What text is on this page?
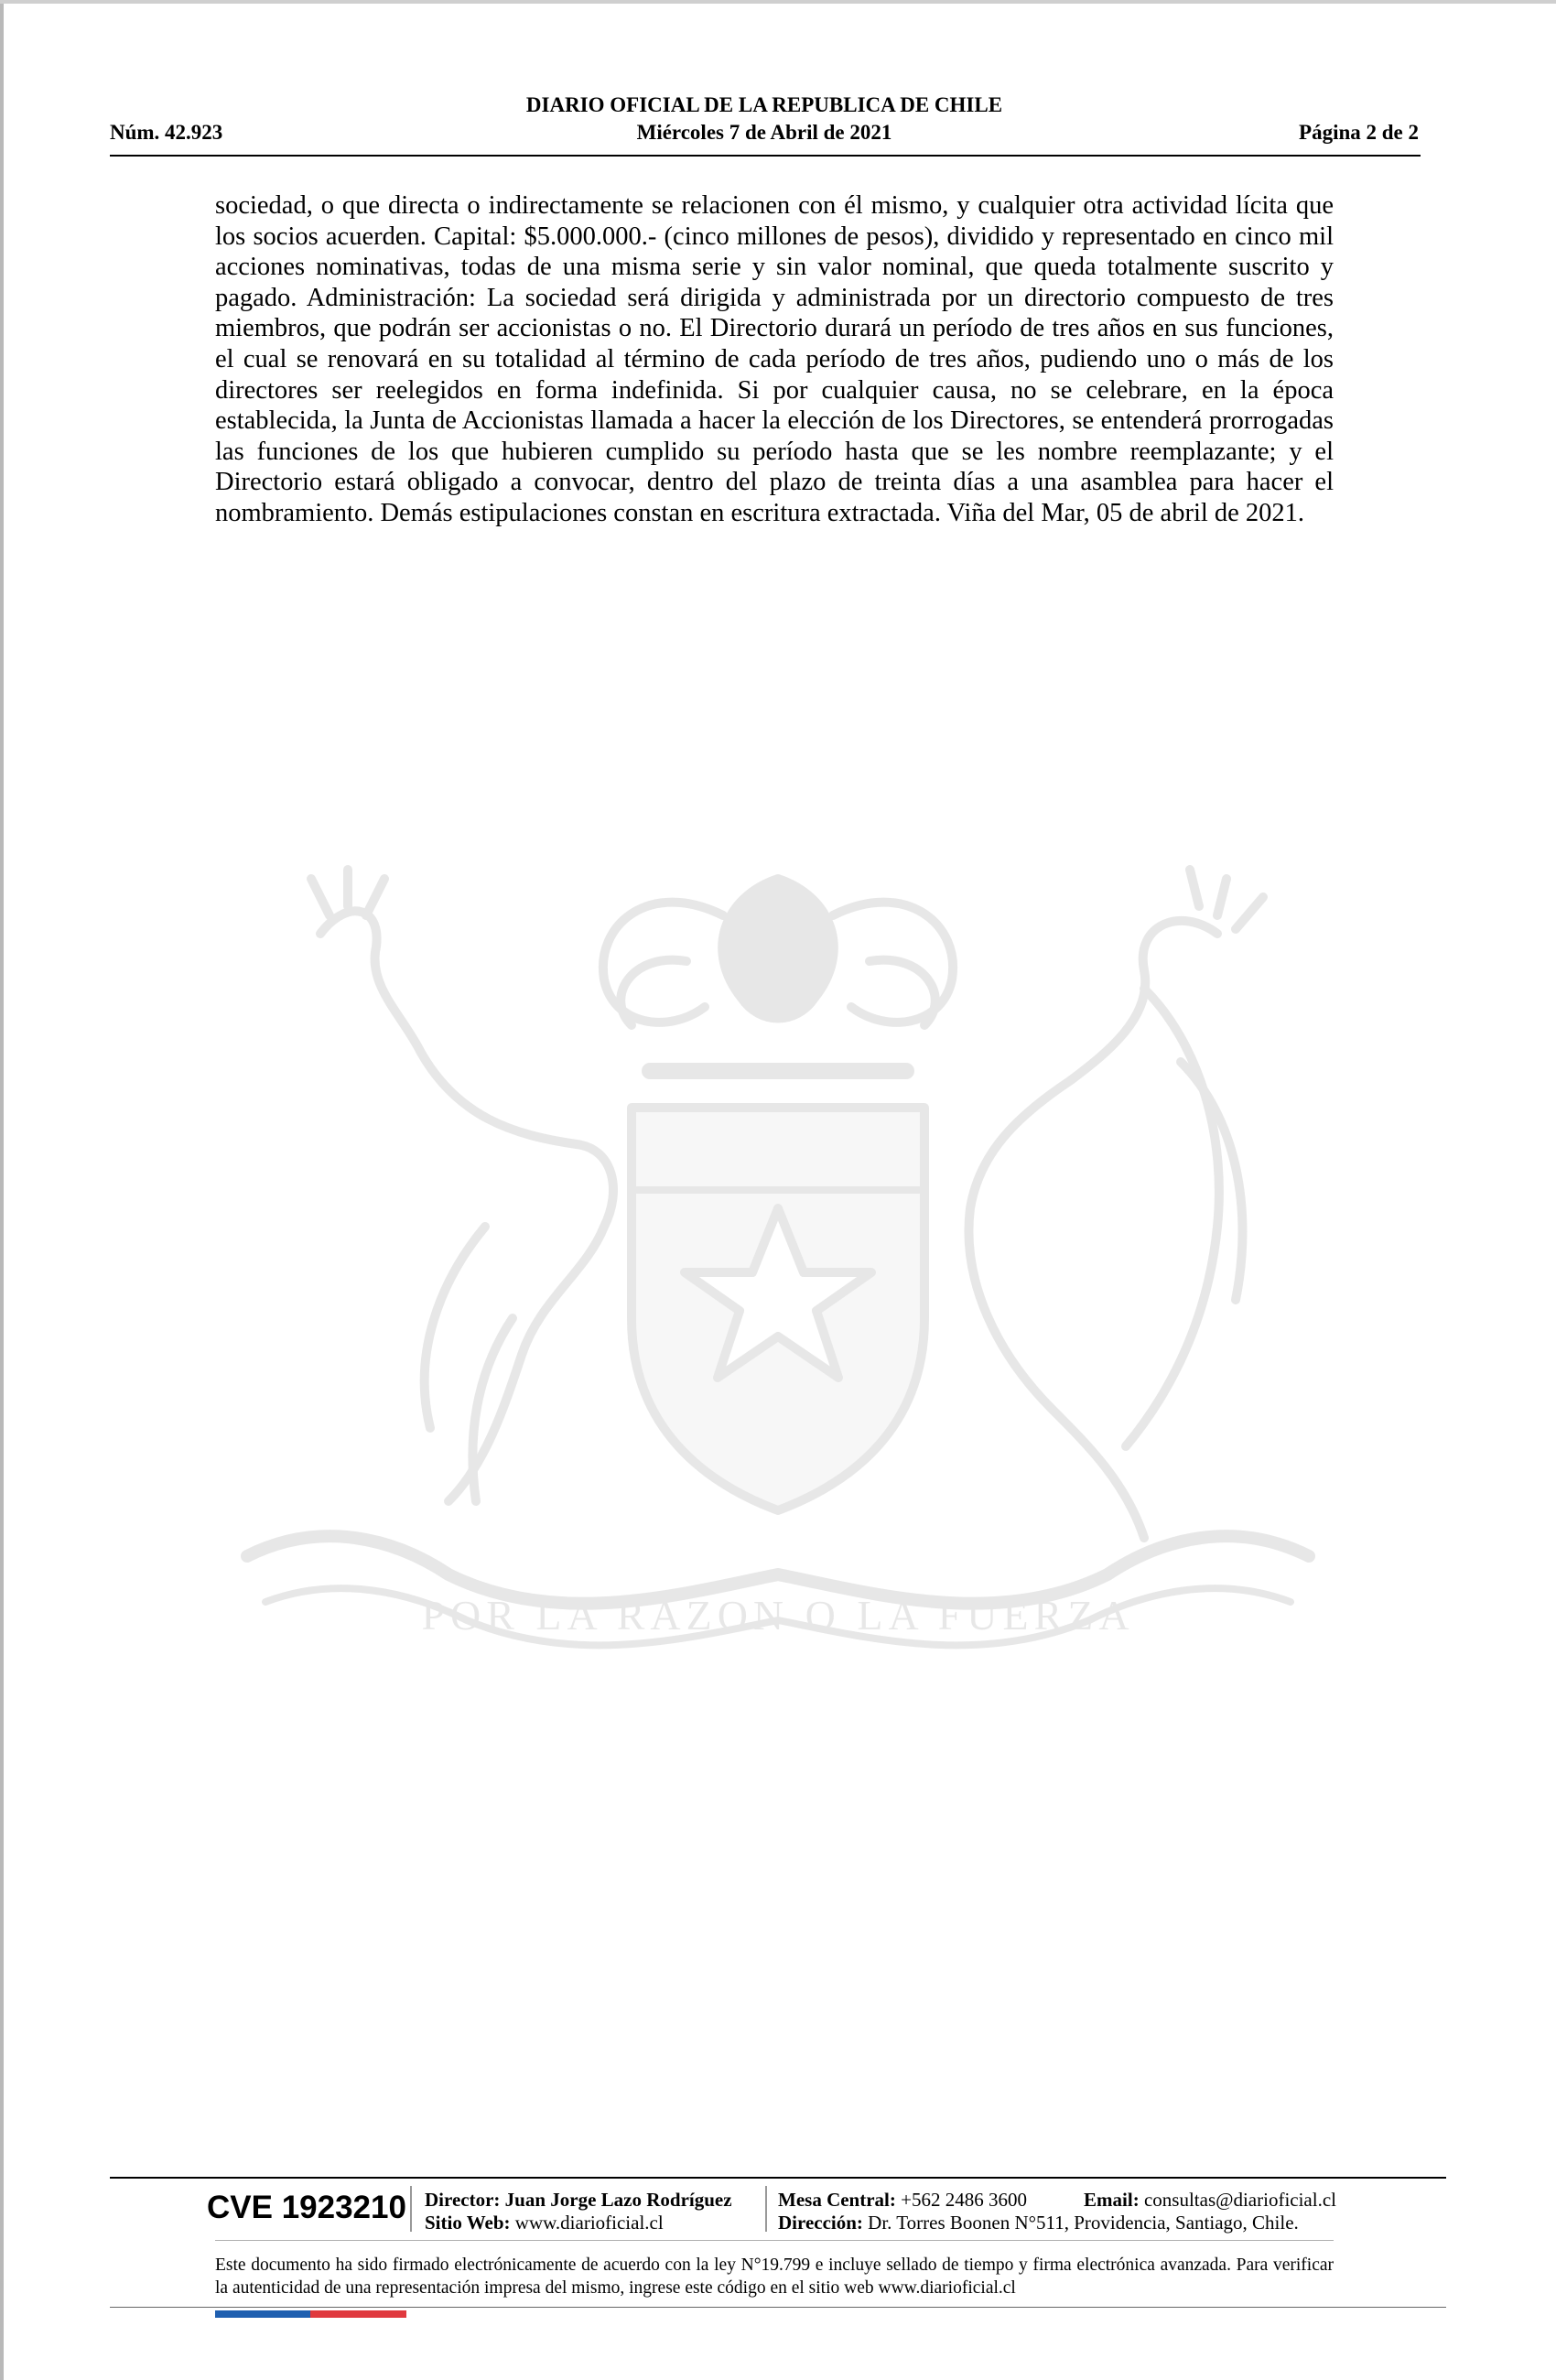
DIARIO OFICIAL DE LA REPUBLICA DE CHILE
Núm. 42.923	Miércoles 7 de Abril de 2021	Página 2 de 2
POR LA RAZON O LA FUERZA
sociedad, o que directa o indirectamente se relacionen con él mismo, y cualquier otra actividad lícita que los socios acuerden. Capital: $5.000.000.- (cinco millones de pesos), dividido y representado en cinco mil acciones nominativas, todas de una misma serie y sin valor nominal, que queda totalmente suscrito y pagado. Administración: La sociedad será dirigida y administrada por un directorio compuesto de tres miembros, que podrán ser accionistas o no. El Directorio durará un período de tres años en sus funciones, el cual se renovará en su totalidad al término de cada período de tres años, pudiendo uno o más de los directores ser reelegidos en forma indefinida. Si por cualquier causa, no se celebrare, en la época establecida, la Junta de Accionistas llamada a hacer la elección de los Directores, se entenderá prorrogadas las funciones de los que hubieren cumplido su período hasta que se les nombre reemplazante; y el Directorio estará obligado a convocar, dentro del plazo de treinta días a una asamblea para hacer el nombramiento. Demás estipulaciones constan en escritura extractada. Viña del Mar, 05 de abril de 2021.
CVE 1923210 Director: Juan Jorge Lazo Rodríguez
Sitio Web: www.diarioficial.cl
Mesa Central: +562 2486 3600	Email: consultas@diarioficial.cl
Dirección: Dr. Torres Boonen N°511, Providencia, Santiago, Chile.
Este documento ha sido firmado electrónicamente de acuerdo con la ley N°19.799 e incluye sellado de tiempo y firma electrónica avanzada. Para verificar la autenticidad de una representación impresa del mismo, ingrese este código en el sitio web www.diarioficial.cl
